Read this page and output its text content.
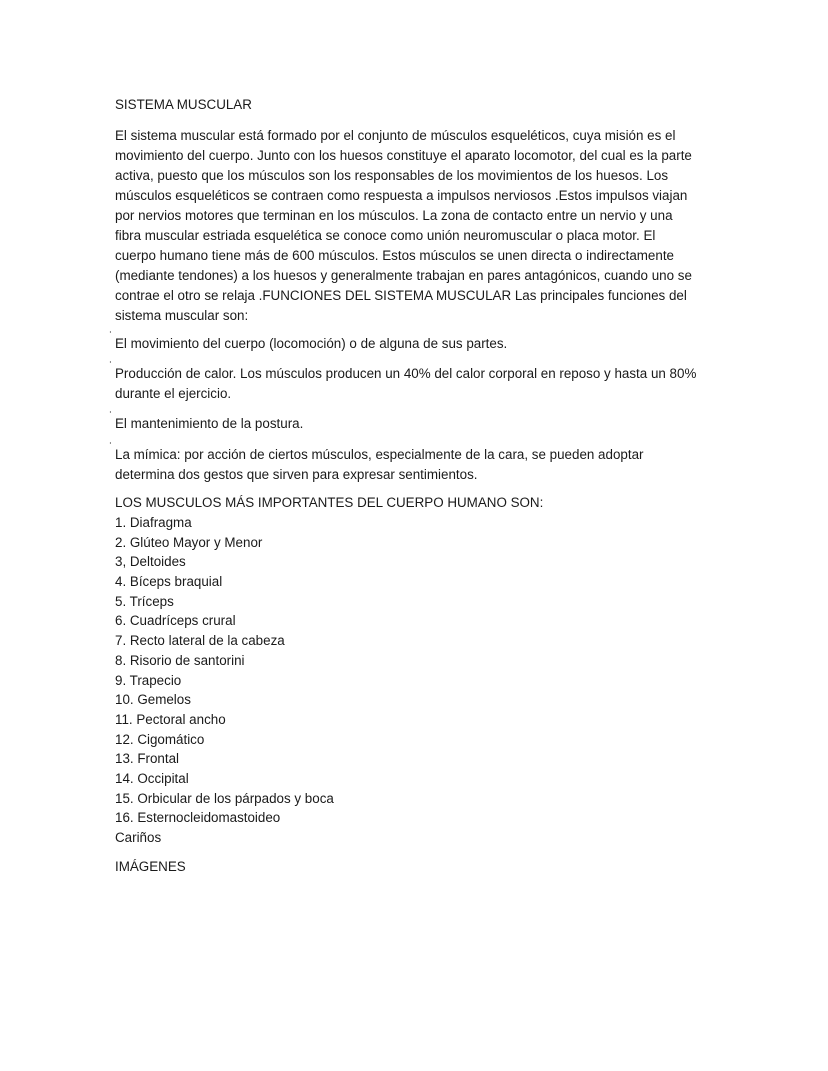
SISTEMA MUSCULAR
El sistema muscular está formado por el conjunto de músculos esqueléticos, cuya misión es el
movimiento del cuerpo. Junto con los huesos constituye el aparato locomotor, del cual es la parte
activa, puesto que los músculos son los responsables de los movimientos de los huesos. Los
músculos esqueléticos se contraen como respuesta a impulsos nerviosos .Estos impulsos viajan
por nervios motores que terminan en los músculos. La zona de contacto entre un nervio y una
fibra muscular estriada esquelética se conoce como unión neuromuscular o placa motor. El
cuerpo humano tiene más de 600 músculos. Estos músculos se unen directa o indirectamente
(mediante tendones) a los huesos y generalmente trabajan en pares antagónicos, cuando uno se
contrae el otro se relaja .FUNCIONES DEL SISTEMA MUSCULAR Las principales funciones del
sistema muscular son:
˙ El movimiento del cuerpo (locomoción) o de alguna de sus partes.
˙ Producción de calor. Los músculos producen un 40% del calor corporal en reposo y hasta un 80%
durante el ejercicio.
˙ El mantenimiento de la postura.
˙ La mímica: por acción de ciertos músculos, especialmente de la cara, se pueden adoptar
determina dos gestos que sirven para expresar sentimientos.
LOS MUSCULOS MÁS IMPORTANTES DEL CUERPO HUMANO SON:
1. Diafragma
2. Glúteo Mayor y Menor
3, Deltoides
4. Bíceps braquial
5. Tríceps
6. Cuadríceps crural
7. Recto lateral de la cabeza
8. Risorio de santorini
9. Trapecio
10. Gemelos
11. Pectoral ancho
12. Cigomático
13. Frontal
14. Occipital
15. Orbicular de los párpados y boca
16. Esternocleidomastoideo
Cariños
IMÁGENES
